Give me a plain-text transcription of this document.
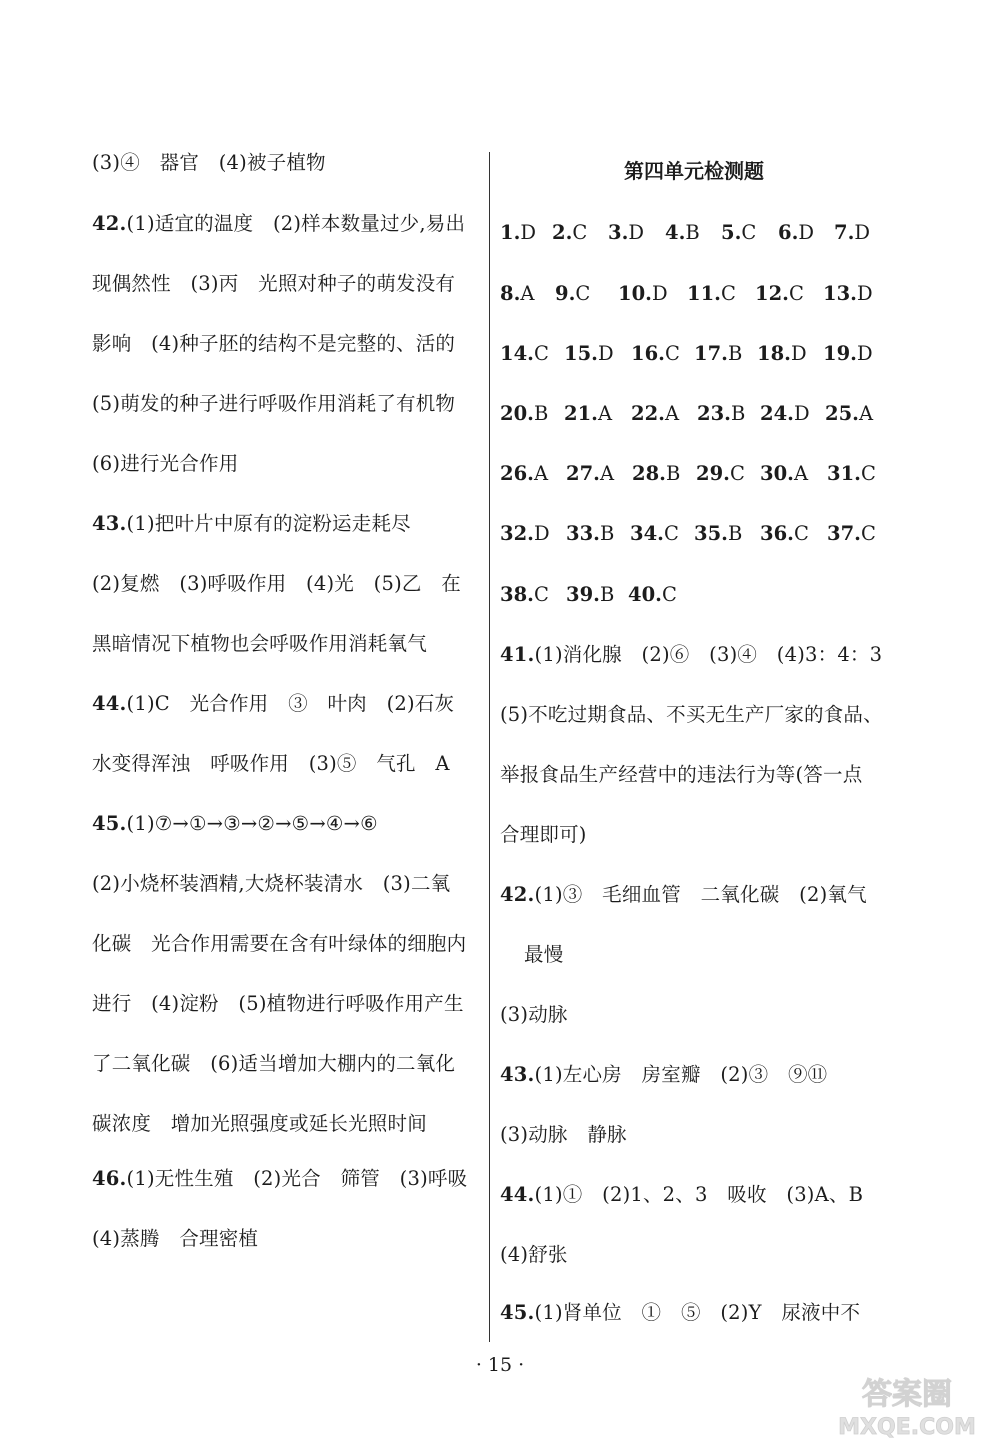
(3)④　器官　(4)被子植物
42.(1)适宜的温度　(2)样本数量过少,易出
现偶然性　(3)丙　光照对种子的萌发没有
影响　(4)种子胚的结构不是完整的、活的
(5)萌发的种子进行呼吸作用消耗了有机物
(6)进行光合作用
43.(1)把叶片中原有的淀粉运走耗尽
(2)复燃　(3)呼吸作用　(4)光　(5)乙　在
黑暗情况下植物也会呼吸作用消耗氧气
44.(1)C　光合作用　③　叶肉　(2)石灰
水变得浑浊　呼吸作用　(3)⑤　气孔　A
45.(1)⑦→①→③→②→⑤→④→⑥
(2)小烧杯装酒精,大烧杯装清水　(3)二氧
化碳　光合作用需要在含有叶绿体的细胞内
进行　(4)淀粉　(5)植物进行呼吸作用产生
了二氧化碳　(6)适当增加大棚内的二氧化
碳浓度　增加光照强度或延长光照时间
46.(1)无性生殖　(2)光合　筛管　(3)呼吸
(4)蒸腾　合理密植
第四单元检测题
1.D 2.C 3.D 4.B 5.C 6.D 7.D
8.A 9.C 10.D 11.C 12.C 13.D
14.C 15.D 16.C 17.B 18.D 19.D
20.B 21.A 22.A 23.B 24.D 25.A
26.A 27.A 28.B 29.C 30.A 31.C
32.D 33.B 34.C 35.B 36.C 37.C
38.C 39.B 40.C
41.(1)消化腺　(2)⑥　(3)④　(4)3：4：3
(5)不吃过期食品、不买无生产厂家的食品、
举报食品生产经营中的违法行为等(答一点
合理即可)
42.(1)③　毛细血管　二氧化碳　(2)氧气
最慢
(3)动脉
43.(1)左心房　房室瓣　(2)③　⑨⑪
(3)动脉　静脉
44.(1)①　(2)1、2、3　吸收　(3)A、B
(4)舒张
45.(1)肾单位　①　⑤　(2)Y　尿液中不
· 15 ·
答案圈
MXQE.COM
